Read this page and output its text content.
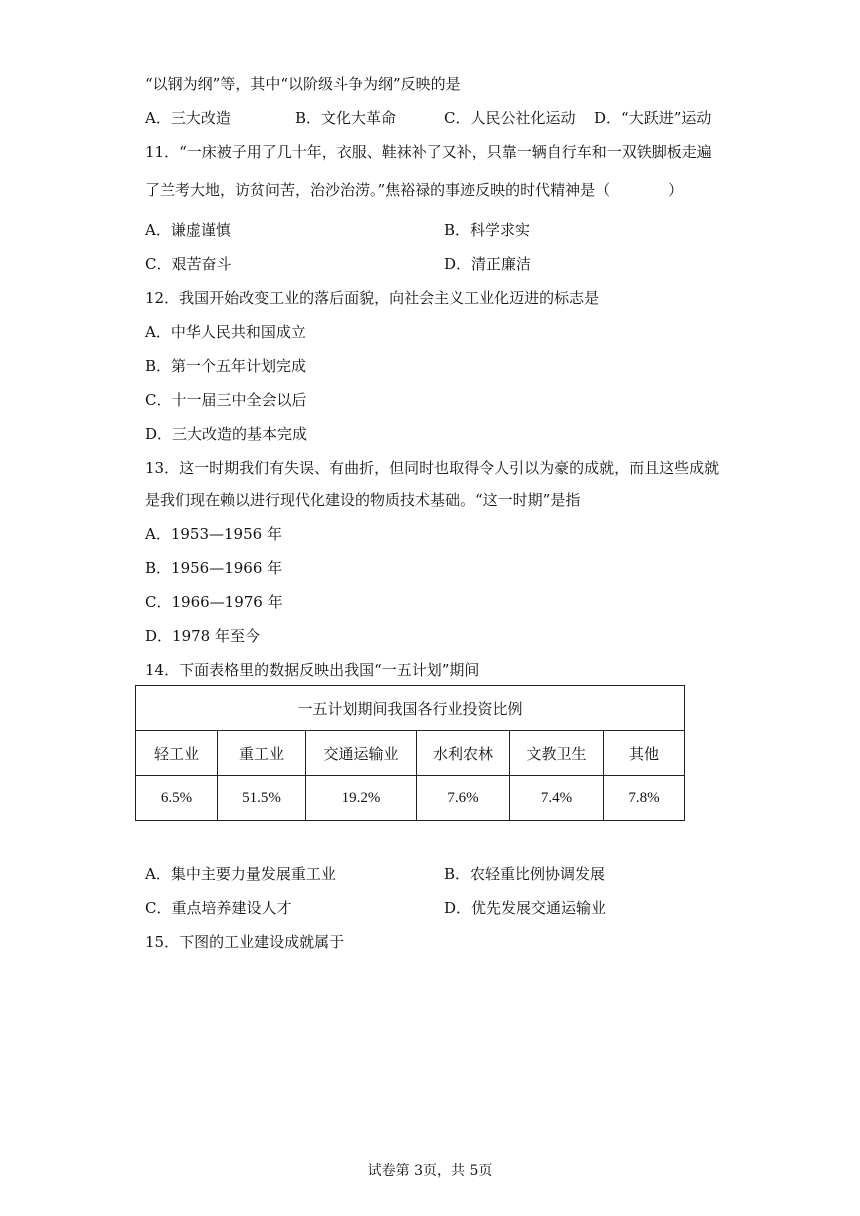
“以钢为纲”等，其中“以阶级斗争为纲”反映的是
A．三大改造	B．文化大革命	C．人民公社化运动 D．“大跃进”运动
11．“一床被子用了几十年，衣服、鞋袜补了又补，只靠一辆自行车和一双铁脚板走遍
了兰考大地，访贫问苦，治沙治涝。”焦裕禄的事迹反映的时代精神是（	）
A．谦虚谨慎	B．科学求实
C．艰苦奋斗	D．清正廉洁
12．我国开始改变工业的落后面貌，向社会主义工业化迈进的标志是
A．中华人民共和国成立
B．第一个五年计划完成
C．十一届三中全会以后
D．三大改造的基本完成
13．这一时期我们有失误、有曲折，但同时也取得令人引以为豪的成就，而且这些成就
是我们现在赖以进行现代化建设的物质技术基础。“这一时期”是指
A．1953—1956 年
B．1956—1966 年
C．1966—1976 年
D．1978 年至今
14．下面表格里的数据反映出我国“一五计划”期间
一五计划期间我国各行业投资比例					
轻工业	重工业	交通运输业	水利农林	文教卫生	其他
6.5%	51.5%	19.2%	7.6%	7.4%	7.8%
A．集中主要力量发展重工业	B．农轻重比例协调发展
C．重点培养建设人才	D．优先发展交通运输业
15．下图的工业建设成就属于
试卷第 3页，共 5页
